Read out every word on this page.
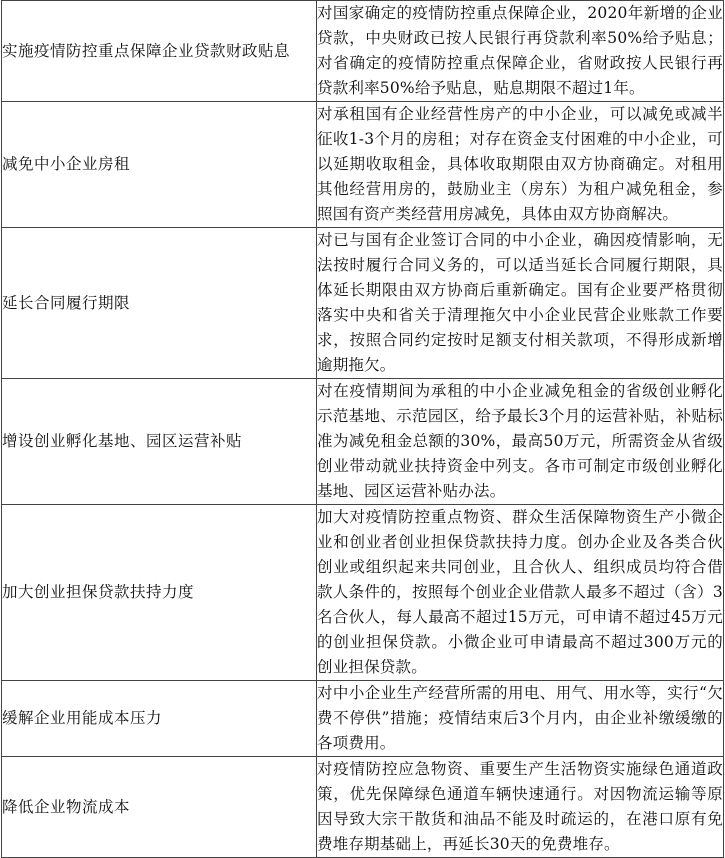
实施疫情防控重点保障企业贷款财政贴息	对国家确定的疫情防控重点保障企业，2020年新增的企业贷款，中央财政已按人民银行再贷款利率50%给予贴息；对省确定的疫情防控重点保障企业，省财政按人民银行再贷款利率50%给予贴息，贴息期限不超过1年。
减免中小企业房租	对承租国有企业经营性房产的中小企业，可以减免或减半征收1-3个月的房租；对存在资金支付困难的中小企业，可以延期收取租金，具体收取期限由双方协商确定。对租用其他经营用房的，鼓励业主（房东）为租户减免租金，参照国有资产类经营用房减免，具体由双方协商解决。
延长合同履行期限	对已与国有企业签订合同的中小企业，确因疫情影响，无法按时履行合同义务的，可以适当延长合同履行期限，具体延长期限由双方协商后重新确定。国有企业要严格贯彻落实中央和省关于清理拖欠中小企业民营企业账款工作要求，按照合同约定按时足额支付相关款项，不得形成新增逾期拖欠。
增设创业孵化基地、园区运营补贴	对在疫情期间为承租的中小企业减免租金的省级创业孵化示范基地、示范园区，给予最长3个月的运营补贴，补贴标准为减免租金总额的30%，最高50万元，所需资金从省级创业带动就业扶持资金中列支。各市可制定市级创业孵化基地、园区运营补贴办法。
加大创业担保贷款扶持力度	加大对疫情防控重点物资、群众生活保障物资生产小微企业和创业者创业担保贷款扶持力度。创办企业及各类合伙创业或组织起来共同创业，且合伙人、组织成员均符合借款人条件的，按照每个创业企业借款人最多不超过（含）3名合伙人，每人最高不超过15万元，可申请不超过45万元的创业担保贷款。小微企业可申请最高不超过300万元的创业担保贷款。
缓解企业用能成本压力	对中小企业生产经营所需的用电、用气、用水等，实行“欠费不停供”措施；疫情结束后3个月内，由企业补缴缓缴的各项费用。
降低企业物流成本	对疫情防控应急物资、重要生产生活物资实施绿色通道政策，优先保障绿色通道车辆快速通行。对因物流运输等原因导致大宗干散货和油品不能及时疏运的，在港口原有免费堆存期基础上，再延长30天的免费堆存。
